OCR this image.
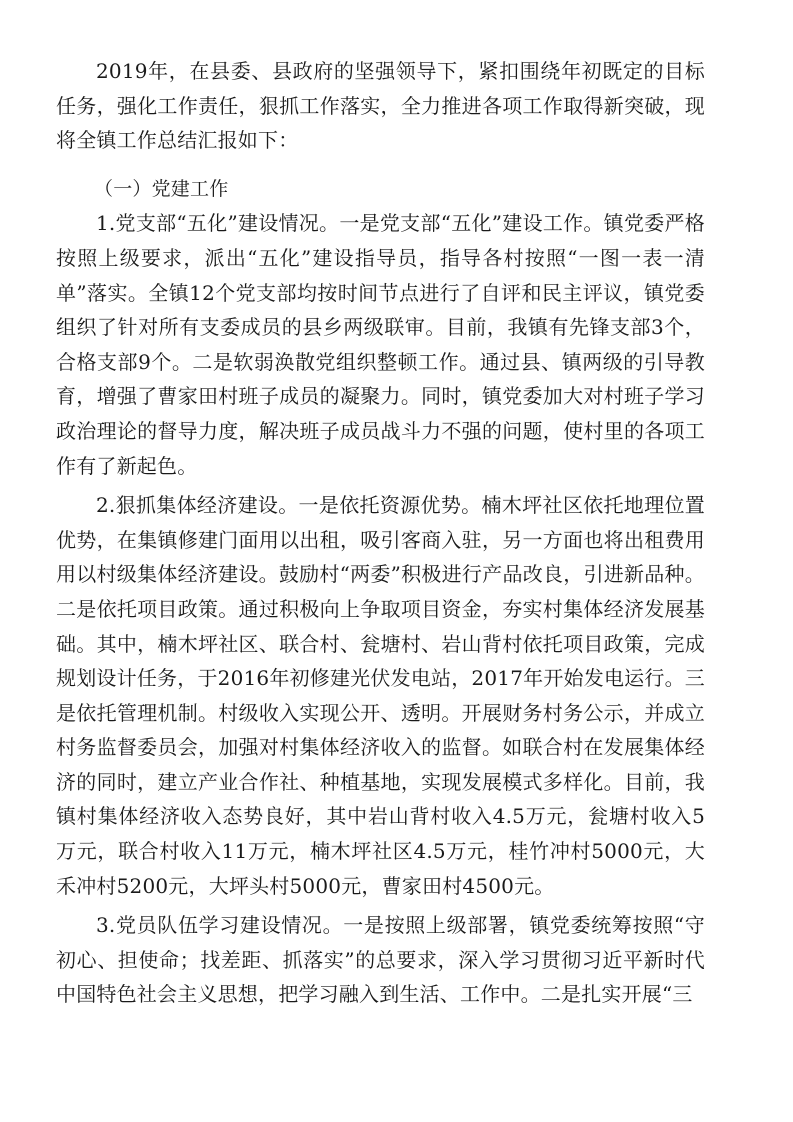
2019年，在县委、县政府的坚强领导下，紧扣围绕年初既定的目标任务，强化工作责任，狠抓工作落实，全力推进各项工作取得新突破，现将全镇工作总结汇报如下：

（一）党建工作

1.党支部“五化”建设情况。一是党支部“五化”建设工作。镇党委严格按照上级要求，派出“五化”建设指导员，指导各村按照“一图一表一清单”落实。全镇12个党支部均按时间节点进行了自评和民主评议，镇党委组织了针对所有支委成员的县乡两级联审。目前，我镇有先锋支部3个，合格支部9个。二是软弱涣散党组织整顿工作。通过县、镇两级的引导教育，增强了曹家田村班子成员的凝聚力。同时，镇党委加大对村班子学习政治理论的督导力度，解决班子成员战斗力不强的问题，使村里的各项工作有了新起色。

2.狠抓集体经济建设。一是依托资源优势。楠木坪社区依托地理位置优势，在集镇修建门面用以出租，吸引客商入驻，另一方面也将出租费用用以村级集体经济建设。鼓励村“两委”积极进行产品改良，引进新品种。二是依托项目政策。通过积极向上争取项目资金，夯实村集体经济发展基础。其中，楠木坪社区、联合村、瓮塘村、岩山背村依托项目政策，完成规划设计任务，于2016年初修建光伏发电站，2017年开始发电运行。三是依托管理机制。村级收入实现公开、透明。开展财务村务公示，并成立村务监督委员会，加强对村集体经济收入的监督。如联合村在发展集体经济的同时，建立产业合作社、种植基地，实现发展模式多样化。目前，我镇村集体经济收入态势良好，其中岩山背村收入4.5万元，瓮塘村收入5万元，联合村收入11万元，楠木坪社区4.5万元，桂竹冲村5000元，大禾冲村5200元，大坪头村5000元，曹家田村4500元。

3.党员队伍学习建设情况。一是按照上级部署，镇党委统筹按照“守初心、担使命；找差距、抓落实”的总要求，深入学习贯彻习近平新时代中国特色社会主义思想，把学习融入到生活、工作中。二是扎实开展“三
